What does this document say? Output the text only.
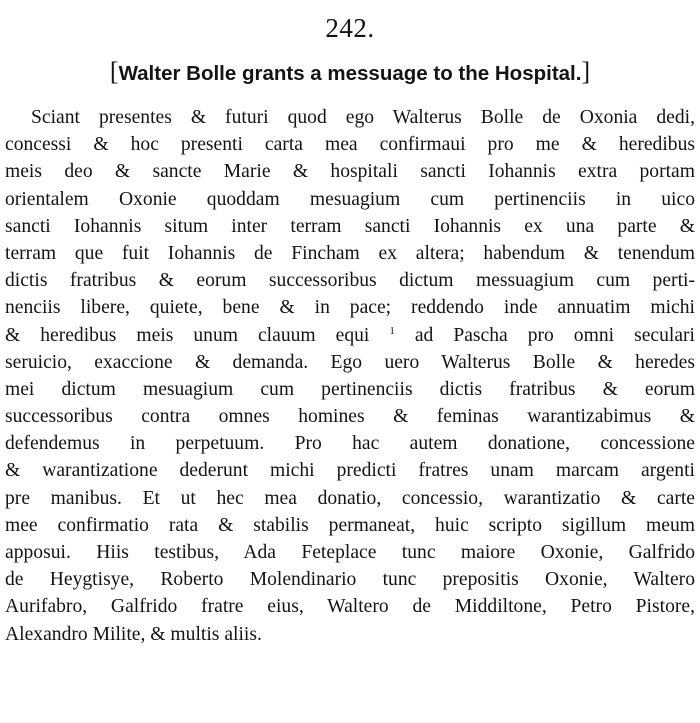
242.
[Walter Bolle grants a messuage to the Hospital.]
Sciant presentes & futuri quod ego Walterus Bolle de Oxonia dedi,
concessi & hoc presenti carta mea confirmaui pro me & heredibus
meis deo & sancte Marie & hospitali sancti Iohannis extra portam
orientalem Oxonie quoddam mesuagium cum pertinenciis in uico
sancti Iohannis situm inter terram sancti Iohannis ex una parte &
terram que fuit Iohannis de Fincham ex altera; habendum & tenendum
dictis fratribus & eorum successoribus dictum messuagium cum perti-
nenciis libere, quiete, bene & in pace; reddendo inde annuatim michi
& heredibus meis unum clauum equi $^1$ ad Pascha pro omni seculari
seruicio, exaccione & demanda. Ego uero Walterus Bolle & heredes
mei dictum mesuagium cum pertinenciis dictis fratribus & eorum
successoribus contra omnes homines & feminas warantizabimus &
defendemus in perpetuum. Pro hac autem donatione, concessione
& warantizatione dederunt michi predicti fratres unam marcam argenti
pre manibus. Et ut hec mea donatio, concessio, warantizatio & carte
mee confirmatio rata & stabilis permaneat, huic scripto sigillum meum
apposui. Hiis testibus, Ada Feteplace tunc maiore Oxonie, Galfrido
de Heygtisye, Roberto Molendinario tunc prepositis Oxonie, Waltero
Aurifabro, Galfrido fratre eius, Waltero de Middiltone, Petro Pistore,
Alexandro Milite, & multis aliis.
